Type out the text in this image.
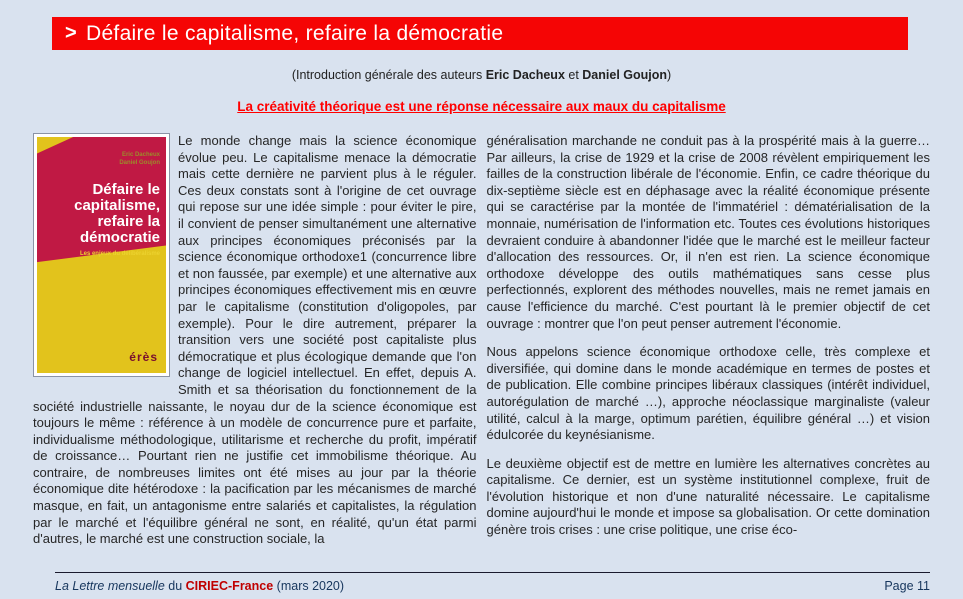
> Défaire le capitalisme, refaire la démocratie
(Introduction générale des auteurs Eric Dacheux et Daniel Goujon)
La créativité théorique est une réponse nécessaire aux maux du capitalisme
Eric Dacheux
Daniel Goujon
Défaire le
capitalisme,
refaire la
démocratie
Les enjeux du délibéralisme
érès

Le monde change mais la science économique évolue peu. Le capitalisme menace la démocratie mais cette dernière ne parvient plus à le réguler. Ces deux constats sont à l'origine de cet ouvrage qui repose sur une idée simple : pour éviter le pire, il convient de penser simultanément une alternative aux principes économiques préconisés par la science économique orthodoxe1 (concurrence libre et non faussée, par exemple) et une alternative aux principes économiques effectivement mis en œuvre par le capitalisme (constitution d'oligopoles, par exemple). Pour le dire autrement, préparer la transition vers une société post capitaliste plus démocratique et plus écologique demande que l'on change de logiciel intellectuel. En effet, depuis A. Smith et sa théorisation du fonctionnement de la société industrielle naissante, le noyau dur de la science économique est toujours le même : référence à un modèle de concurrence pure et parfaite, individualisme méthodologique, utilitarisme et recherche du profit, impératif de croissance… Pourtant rien ne justifie cet immobilisme théorique. Au contraire, de nombreuses limites ont été mises au jour par la théorie économique dite hétérodoxe : la pacification par les mécanismes de marché masque, en fait, un antagonisme entre salariés et capitalistes, la régulation par le marché et l'équilibre général ne sont, en réalité, qu'un état parmi d'autres, le marché est une construction sociale, la

généralisation marchande ne conduit pas à la prospérité mais à la guerre… Par ailleurs, la crise de 1929 et la crise de 2008 révèlent empiriquement les failles de la construction libérale de l'économie. Enfin, ce cadre théorique du dix-septième siècle est en déphasage avec la réalité économique présente qui se caractérise par la montée de l'immatériel : dématérialisation de la monnaie, numérisation de l'information etc. Toutes ces évolutions historiques devraient conduire à abandonner l'idée que le marché est le meilleur facteur d'allocation des ressources. Or, il n'en est rien. La science économique orthodoxe développe des outils mathématiques sans cesse plus perfectionnés, explorent des méthodes nouvelles, mais ne remet jamais en cause l'efficience du marché. C'est pourtant là le premier objectif de cet ouvrage : montrer que l'on peut penser autrement l'économie.

Nous appelons science économique orthodoxe celle, très complexe et diversifiée, qui domine dans le monde académique en termes de postes et de publication. Elle combine principes libéraux classiques (intérêt individuel, autorégulation de marché …), approche néoclassique marginaliste (valeur utilité, calcul à la marge, optimum parétien, équilibre général …) et vision édulcorée du keynésianisme.

Le deuxième objectif est de mettre en lumière les alternatives concrètes au capitalisme. Ce dernier, est un système institutionnel complexe, fruit de l'évolution historique et non d'une naturalité nécessaire. Le capitalisme domine aujourd'hui le monde et impose sa globalisation. Or cette domination génère trois crises : une crise politique, une crise éco-

La Lettre mensuelle du CIRIEC-France (mars 2020)	Page 11
